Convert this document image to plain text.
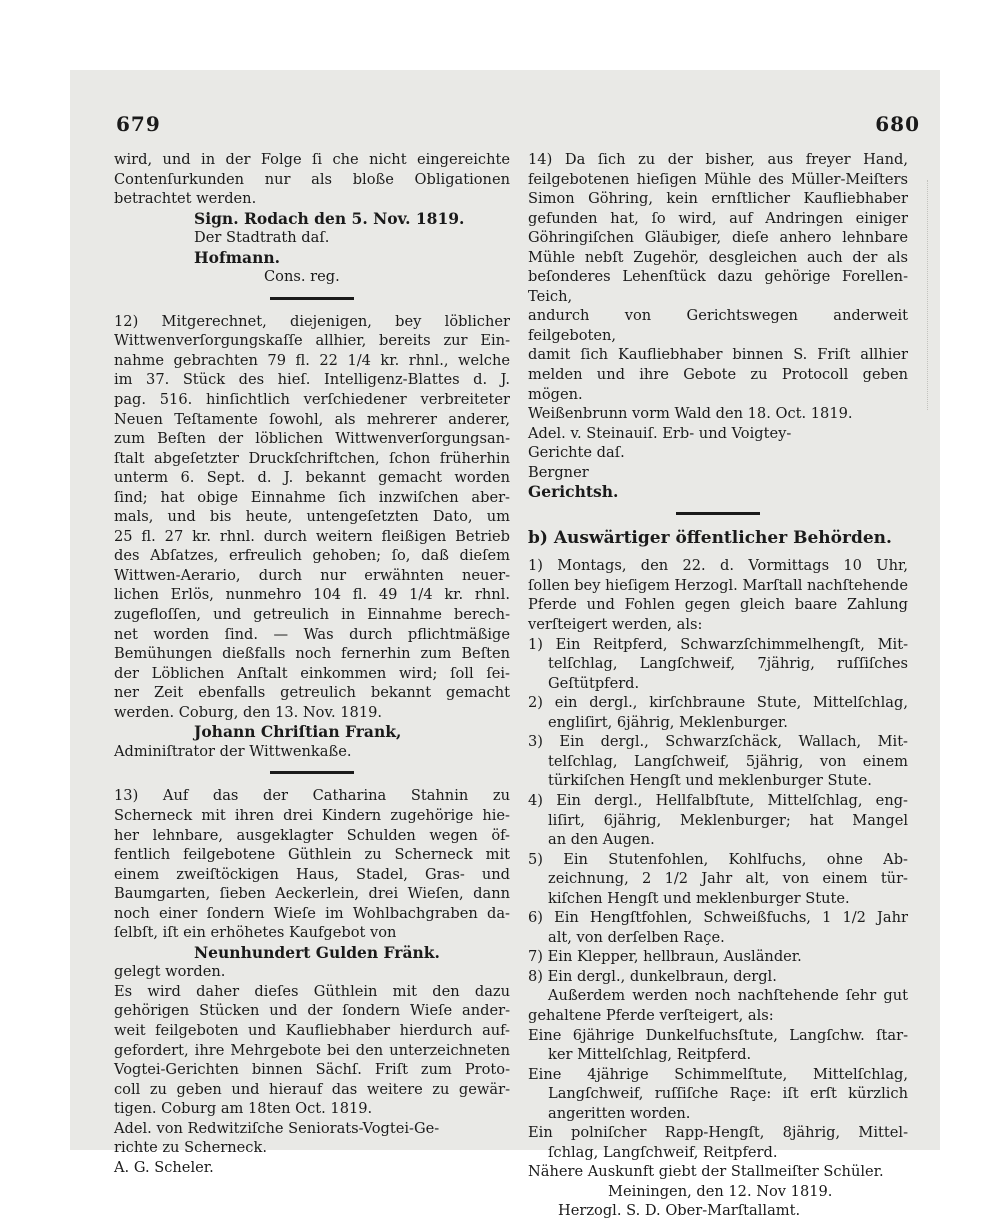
679	680

wird, und in der Folge ſi che nicht eingereichte

Contenſurkunden nur als bloße Obligationen

betrachtet werden.

Sign. Rodach den 5. Nov. 1819.

Der Stadtrath daſ.

Hofmann.

Cons. reg.

12) Mitgerechnet, diejenigen, bey löblicher

Wittwenverſorgungskaſſe allhier, bereits zur Ein-

nahme gebrachten 79 fl. 22 1/4 kr. rhnl., welche

im 37. Stück des hieſ. Intelligenz-Blattes d. J.

pag. 516. hinſichtlich verſchiedener verbreiteter

Neuen Teſtamente ſowohl, als mehrerer anderer,

zum Beſten der löblichen Wittwenverſorgungsan-

ſtalt abgeſetzter Druckſchriftchen, ſchon früherhin

unterm 6. Sept. d. J. bekannt gemacht worden

ſind; hat obige Einnahme ſich inzwiſchen aber-

mals, und bis heute, untengeſetzten Dato, um

25 fl. 27 kr. rhnl. durch weitern fleißigen Betrieb

des Abſatzes, erfreulich gehoben; ſo, daß dieſem

Wittwen-Aerario, durch nur erwähnten neuer-

lichen Erlös, nunmehro 104 fl. 49 1/4 kr. rhnl.

zugefloſſen, und getreulich in Einnahme berech-

net worden ſind. — Was durch pflichtmäßige

Bemühungen dießfalls noch fernerhin zum Beſten

der Löblichen Anſtalt einkommen wird; ſoll ſei-

ner Zeit ebenfalls getreulich bekannt gemacht

werden. Coburg, den 13. Nov. 1819.

Johann Chriſtian Frank,

Adminiſtrator der Wittwenkaße.

13) Auf das der Catharina Stahnin zu

Scherneck mit ihren drei Kindern zugehörige hie-

her lehnbare, ausgeklagter Schulden wegen öf-

fentlich feilgebotene Güthlein zu Scherneck mit

einem zweiſtöckigen Haus, Stadel, Gras- und

Baumgarten, ſieben Aeckerlein, drei Wieſen, dann

noch einer ſondern Wieſe im Wohlbachgraben da-

ſelbſt, iſt ein erhöhetes Kaufgebot von

Neunhundert Gulden Fränk.

gelegt worden.

Es wird daher dieſes Güthlein mit den dazu

gehörigen Stücken und der ſondern Wieſe ander-

weit feilgeboten und Kaufliebhaber hierdurch auf-

gefordert, ihre Mehrgebote bei den unterzeichneten

Vogtei-Gerichten binnen Sächſ. Friſt zum Proto-

coll zu geben und hierauf das weitere zu gewär-

tigen. Coburg am 18ten Oct. 1819.

Adel. von Redwitziſche Seniorats-Vogtei-Ge-

richte zu Scherneck.

A. G. Scheler.

14) Da ſich zu der bisher, aus freyer Hand,

feilgebotenen hieſigen Mühle des Müller-Meiſters

Simon Göhring, kein ernſtlicher Kaufliebhaber

gefunden hat, ſo wird, auf Andringen einiger

Göhringiſchen Gläubiger, dieſe anhero lehnbare

Mühle nebſt Zugehör, desgleichen auch der als

beſonderes Lehenſtück dazu gehörige Forellen-Teich,

andurch von Gerichtswegen anderweit feilgeboten,

damit ſich Kaufliebhaber binnen S. Friſt allhier

melden und ihre Gebote zu Protocoll geben mögen.

Weißenbrunn vorm Wald den 18. Oct. 1819.

Adel. v. Steinauiſ. Erb- und Voigtey-

Gerichte daſ.

Bergner

Gerichtsh.

b) Auswärtiger öffentlicher Behörden.

1) Montags, den 22. d. Vormittags 10 Uhr,

ſollen bey hieſigem Herzogl. Marſtall nachſtehende

Pferde und Fohlen gegen gleich baare Zahlung

verſteigert werden, als:

1) Ein Reitpferd, Schwarzſchimmelhengſt, Mit-

telſchlag, Langſchweif, 7jährig, ruſſiſches

Geſtütpferd.

2) ein dergl., kirſchbraune Stute, Mittelſchlag,

engliſirt, 6jährig, Meklenburger.

3) Ein dergl., Schwarzſchäck, Wallach, Mit-

telſchlag, Langſchweif, 5jährig, von einem

türkiſchen Hengſt und meklenburger Stute.

4) Ein dergl., Hellfalbſtute, Mittelſchlag, eng-

liſirt, 6jährig, Meklenburger; hat Mangel

an den Augen.

5) Ein Stutenfohlen, Kohlfuchs, ohne Ab-

zeichnung, 2 1/2 Jahr alt, von einem tür-

kiſchen Hengſt und meklenburger Stute.

6) Ein Hengſtfohlen, Schweißfuchs, 1 1/2 Jahr

alt, von derſelben Raçe.

7) Ein Klepper, hellbraun, Ausländer.

8) Ein dergl., dunkelbraun, dergl.

Außerdem werden noch nachſtehende ſehr gut

gehaltene Pferde verſteigert, als:

Eine 6jährige Dunkelfuchsſtute, Langſchw. ſtar-

ker Mittelſchlag, Reitpferd.

Eine 4jährige Schimmelſtute, Mittelſchlag,

Langſchweif, ruſſiſche Raçe: iſt erſt kürzlich

angeritten worden.

Ein polniſcher Rapp-Hengſt, 8jährig, Mittel-

ſchlag, Langſchweif, Reitpferd.

Nähere Auskunft giebt der Stallmeiſter Schüler.

Meiningen, den 12. Nov 1819.

Herzogl. S. D. Ober-Marſtallamt.
